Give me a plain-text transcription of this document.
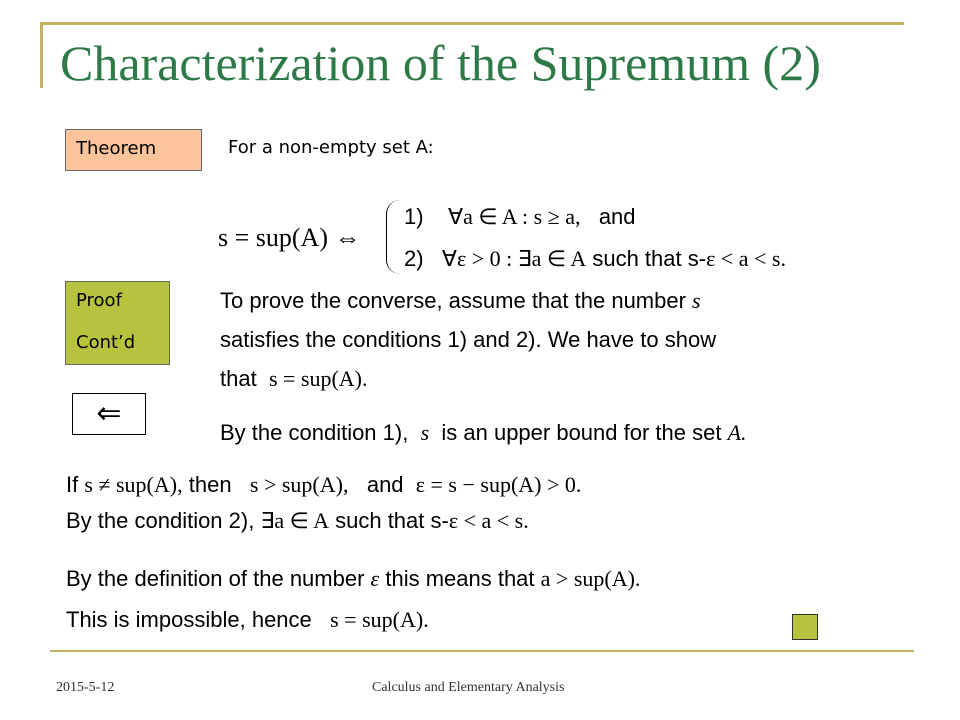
Characterization of the Supremum (2)
Theorem	For a non-empty set A:
s = sup(A) ⇔
1) ∀a ∈ A : s ≥ a, and
2) ∀ε > 0 : ∃a ∈ A such that s-ε < a < s.
Proof
Cont’d
To prove the converse, assume that the number s
satisfies the conditions 1) and 2). We have to show
that s = sup(A).
⇐
By the condition 1), s is an upper bound for the set A.
If s ≠ sup(A), then s > sup(A), and ε = s − sup(A) > 0.
By the condition 2), ∃a ∈ A such that s-ε < a < s.
By the definition of the number ε this means that a > sup(A).
This is impossible, hence s = sup(A).
2015-5-12	Calculus and Elementary Analysis
